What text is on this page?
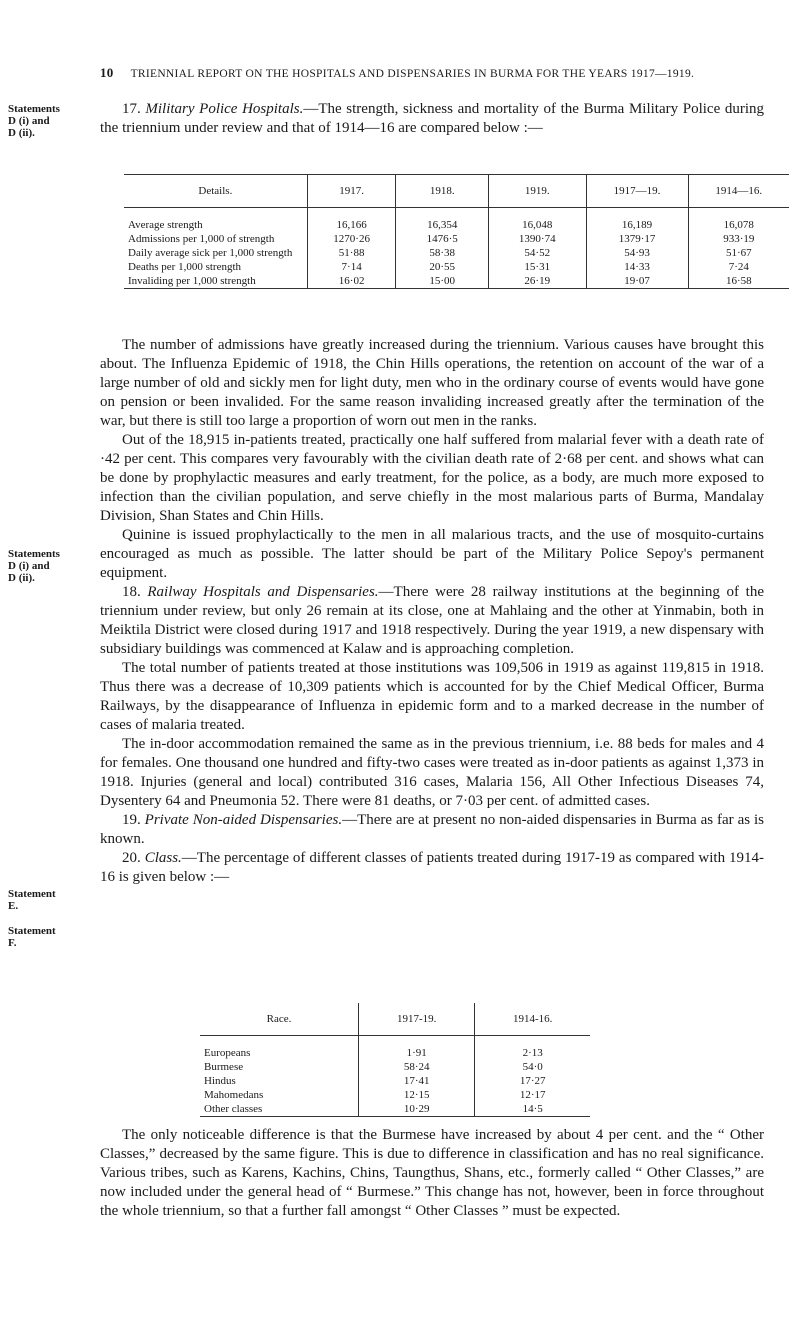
10 TRIENNIAL REPORT ON THE HOSPITALS AND DISPENSARIES IN BURMA FOR THE YEARS 1917—1919.
Statements D (i) and D (ii).
Statements D (i) and D (ii).
Statement E.
Statement F.

17. Military Police Hospitals.—The strength, sickness and mortality of the Burma Military Police during the triennium under review and that of 1914—16 are compared below :—

Details.	1917.	1918.	1919.	1917—19.	1914—16.

Average strength	16,166	16,354	16,048	16,189	16,078
Admissions per 1,000 of strength	1270·26	1476·5	1390·74	1379·17	933·19
Daily average sick per 1,000 strength	51·88	58·38	54·52	54·93	51·67
Deaths per 1,000 strength	7·14	20·55	15·31	14·33	7·24
Invaliding per 1,000 strength	16·02	15·00	26·19	19·07	16·58

The number of admissions have greatly increased during the triennium. Various causes have brought this about. The Influenza Epidemic of 1918, the Chin Hills operations, the retention on account of the war of a large number of old and sickly men for light duty, men who in the ordinary course of events would have gone on pension or been invalided. For the same reason invaliding increased greatly after the termination of the war, but there is still too large a proportion of worn out men in the ranks.

Out of the 18,915 in-patients treated, practically one half suffered from malarial fever with a death rate of ·42 per cent. This compares very favourably with the civilian death rate of 2·68 per cent. and shows what can be done by prophylactic measures and early treatment, for the police, as a body, are much more exposed to infection than the civilian population, and serve chiefly in the most malarious parts of Burma, Mandalay Division, Shan States and Chin Hills.

Quinine is issued prophylactically to the men in all malarious tracts, and the use of mosquito-curtains encouraged as much as possible. The latter should be part of the Military Police Sepoy's permanent equipment.

18. Railway Hospitals and Dispensaries.—There were 28 railway institutions at the beginning of the triennium under review, but only 26 remain at its close, one at Mahlaing and the other at Yinmabin, both in Meiktila District were closed during 1917 and 1918 respectively. During the year 1919, a new dispensary with subsidiary buildings was commenced at Kalaw and is approaching completion.

The total number of patients treated at those institutions was 109,506 in 1919 as against 119,815 in 1918. Thus there was a decrease of 10,309 patients which is accounted for by the Chief Medical Officer, Burma Railways, by the disappearance of Influenza in epidemic form and to a marked decrease in the number of cases of malaria treated.

The in-door accommodation remained the same as in the previous triennium, i.e. 88 beds for males and 4 for females. One thousand one hundred and fifty-two cases were treated as in-door patients as against 1,373 in 1918. Injuries (general and local) contributed 316 cases, Malaria 156, All Other Infectious Diseases 74, Dysentery 64 and Pneumonia 52. There were 81 deaths, or 7·03 per cent. of admitted cases.

19. Private Non-aided Dispensaries.—There are at present no non-aided dispensaries in Burma as far as is known.

20. Class.—The percentage of different classes of patients treated during 1917-19 as compared with 1914-16 is given below :—

Race.	1917-19.	1914-16.

Europeans	1·91	2·13
Burmese	58·24	54·0
Hindus	17·41	17·27
Mahomedans	12·15	12·17
Other classes	10·29	14·5

The only noticeable difference is that the Burmese have increased by about 4 per cent. and the “ Other Classes,” decreased by the same figure. This is due to difference in classification and has no real significance. Various tribes, such as Karens, Kachins, Chins, Taungthus, Shans, etc., formerly called “ Other Classes,” are now included under the general head of “ Burmese.” This change has not, however, been in force throughout the whole triennium, so that a further fall amongst “ Other Classes ” must be expected.
